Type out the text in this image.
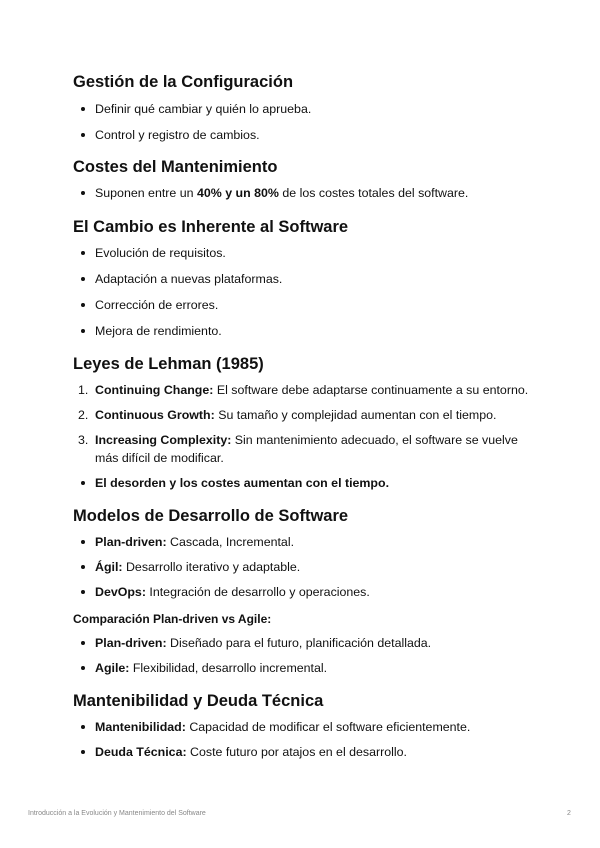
Gestión de la Configuración
Definir qué cambiar y quién lo aprueba.
Control y registro de cambios.
Costes del Mantenimiento
Suponen entre un 40% y un 80% de los costes totales del software.
El Cambio es Inherente al Software
Evolución de requisitos.
Adaptación a nuevas plataformas.
Corrección de errores.
Mejora de rendimiento.
Leyes de Lehman (1985)
1. Continuing Change: El software debe adaptarse continuamente a su entorno.
2. Continuous Growth: Su tamaño y complejidad aumentan con el tiempo.
3. Increasing Complexity: Sin mantenimiento adecuado, el software se vuelve más difícil de modificar.
El desorden y los costes aumentan con el tiempo.
Modelos de Desarrollo de Software
Plan-driven: Cascada, Incremental.
Ágil: Desarrollo iterativo y adaptable.
DevOps: Integración de desarrollo y operaciones.
Comparación Plan-driven vs Agile:
Plan-driven: Diseñado para el futuro, planificación detallada.
Agile: Flexibilidad, desarrollo incremental.
Mantenibilidad y Deuda Técnica
Mantenibilidad: Capacidad de modificar el software eficientemente.
Deuda Técnica: Coste futuro por atajos en el desarrollo.
Introducción a la Evolución y Mantenimiento del Software	2
